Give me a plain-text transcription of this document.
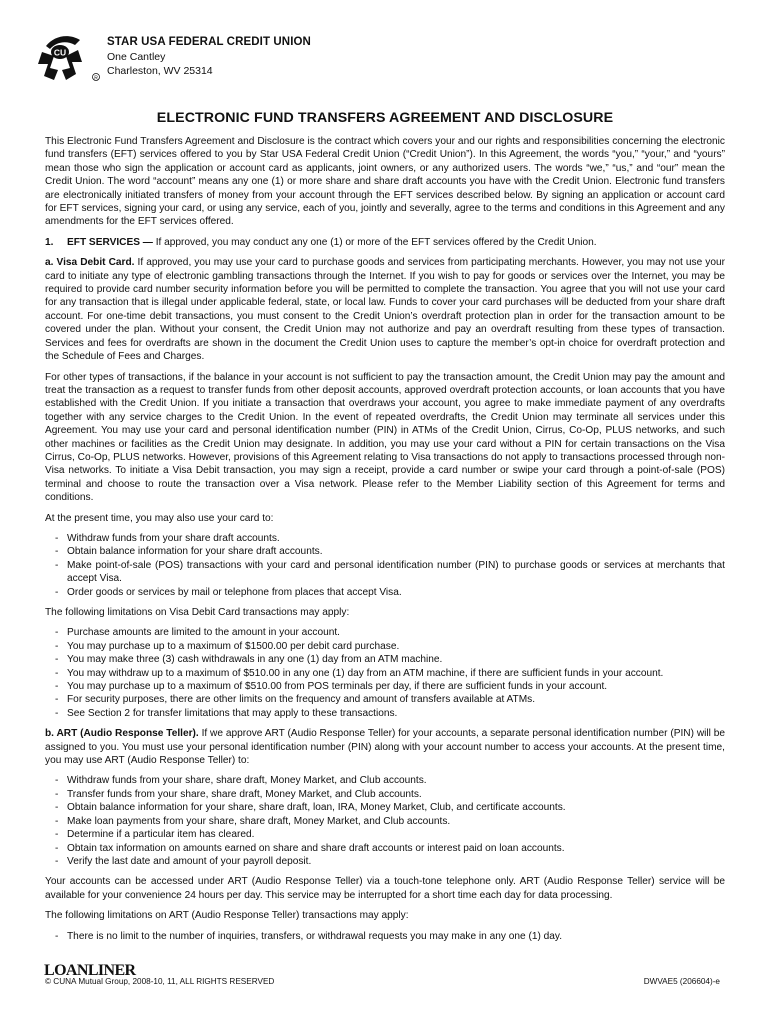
CU
R
STAR USA FEDERAL CREDIT UNION
One Cantley
Charleston, WV 25314
ELECTRONIC FUND TRANSFERS AGREEMENT AND DISCLOSURE

This Electronic Fund Transfers Agreement and Disclosure is the contract which covers your and our rights and responsibilities concerning the electronic fund transfers (EFT) services offered to you by Star USA Federal Credit Union (“Credit Union”). In this Agreement, the words “you,” “your,” and “yours” mean those who sign the application or account card as applicants, joint owners, or any authorized users. The words “we,” “us,” and “our” mean the Credit Union. The word “account” means any one (1) or more share and share draft accounts you have with the Credit Union. Electronic fund transfers are electronically initiated transfers of money from your account through the EFT services described below. By signing an application or account card for EFT services, signing your card, or using any service, each of you, jointly and severally, agree to the terms and conditions in this Agreement and any amendments for the EFT services offered.

1. EFT SERVICES — If approved, you may conduct any one (1) or more of the EFT services offered by the Credit Union.

a. Visa Debit Card. If approved, you may use your card to purchase goods and services from participating merchants. However, you may not use your card to initiate any type of electronic gambling transactions through the Internet. If you wish to pay for goods or services over the Internet, you may be required to provide card number security information before you will be permitted to complete the transaction. You agree that you will not use your card for any transaction that is illegal under applicable federal, state, or local law. Funds to cover your card purchases will be deducted from your share draft account. For one-time debit transactions, you must consent to the Credit Union’s overdraft protection plan in order for the transaction amount to be covered under the plan. Without your consent, the Credit Union may not authorize and pay an overdraft resulting from these types of transaction. Services and fees for overdrafts are shown in the document the Credit Union uses to capture the member’s opt-in choice for overdraft protection and the Schedule of Fees and Charges.

For other types of transactions, if the balance in your account is not sufficient to pay the transaction amount, the Credit Union may pay the amount and treat the transaction as a request to transfer funds from other deposit accounts, approved overdraft protection accounts, or loan accounts that you have established with the Credit Union. If you initiate a transaction that overdraws your account, you agree to make immediate payment of any overdrafts together with any service charges to the Credit Union. In the event of repeated overdrafts, the Credit Union may terminate all services under this Agreement. You may use your card and personal identification number (PIN) in ATMs of the Credit Union, Cirrus, Co-Op, PLUS networks, and such other machines or facilities as the Credit Union may designate. In addition, you may use your card without a PIN for certain transactions on the Visa Cirrus, Co-Op, PLUS networks. However, provisions of this Agreement relating to Visa transactions do not apply to transactions processed through non-Visa networks. To initiate a Visa Debit transaction, you may sign a receipt, provide a card number or swipe your card through a point-of-sale (POS) terminal and choose to route the transaction over a Visa network. Please refer to the Member Liability section of this Agreement for terms and conditions.

At the present time, you may also use your card to:

- Withdraw funds from your share draft accounts.
- Obtain balance information for your share draft accounts.
- Make point-of-sale (POS) transactions with your card and personal identification number (PIN) to purchase goods or services at merchants that accept Visa.
- Order goods or services by mail or telephone from places that accept Visa.

The following limitations on Visa Debit Card transactions may apply:

- Purchase amounts are limited to the amount in your account.
- You may purchase up to a maximum of $1500.00 per debit card purchase.
- You may make three (3) cash withdrawals in any one (1) day from an ATM machine.
- You may withdraw up to a maximum of $510.00 in any one (1) day from an ATM machine, if there are sufficient funds in your account.
- You may purchase up to a maximum of $510.00 from POS terminals per day, if there are sufficient funds in your account.
- For security purposes, there are other limits on the frequency and amount of transfers available at ATMs.
- See Section 2 for transfer limitations that may apply to these transactions.

b. ART (Audio Response Teller). If we approve ART (Audio Response Teller) for your accounts, a separate personal identification number (PIN) will be assigned to you. You must use your personal identification number (PIN) along with your account number to access your accounts. At the present time, you may use ART (Audio Response Teller) to:

- Withdraw funds from your share, share draft, Money Market, and Club accounts.
- Transfer funds from your share, share draft, Money Market, and Club accounts.
- Obtain balance information for your share, share draft, loan, IRA, Money Market, Club, and certificate accounts.
- Make loan payments from your share, share draft, Money Market, and Club accounts.
- Determine if a particular item has cleared.
- Obtain tax information on amounts earned on share and share draft accounts or interest paid on loan accounts.
- Verify the last date and amount of your payroll deposit.

Your accounts can be accessed under ART (Audio Response Teller) via a touch-tone telephone only. ART (Audio Response Teller) service will be available for your convenience 24 hours per day. This service may be interrupted for a short time each day for data processing.

The following limitations on ART (Audio Response Teller) transactions may apply:

- There is no limit to the number of inquiries, transfers, or withdrawal requests you may make in any one (1) day.
LOANLINER
© CUNA Mutual Group, 2008-10, 11, ALL RIGHTS RESERVED	DWVAE5 (206604)-e
